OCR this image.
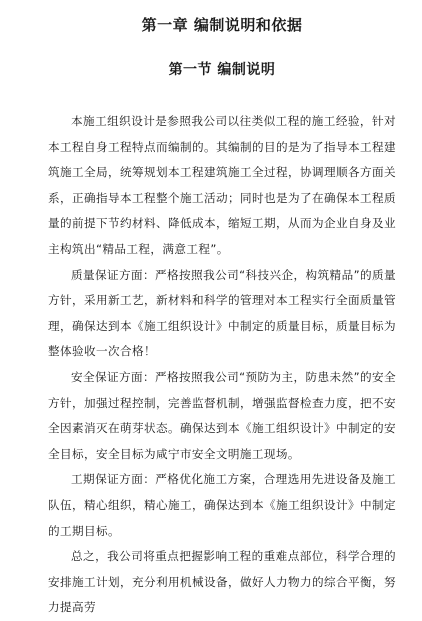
第一章 编制说明和依据
第一节 编制说明

本施工组织设计是参照我公司以往类似工程的施工经验，针对本工程自身工程特点而编制的。其编制的目的是为了指导本工程建筑施工全局，统筹规划本工程建筑施工全过程，协调理顺各方面关系，正确指导本工程整个施工活动；同时也是为了在确保本工程质量的前提下节约材料、降低成本，缩短工期，从而为企业自身及业主构筑出“精品工程，满意工程”。

质量保证方面：严格按照我公司“科技兴企，构筑精品”的质量方针，采用新工艺，新材料和科学的管理对本工程实行全面质量管理，确保达到本《施工组织设计》中制定的质量目标，质量目标为整体验收一次合格！

安全保证方面：严格按照我公司“预防为主，防患未然”的安全方针，加强过程控制，完善监督机制，增强监督检查力度，把不安全因素消灭在萌芽状态。确保达到本《施工组织设计》中制定的安全目标，安全目标为咸宁市安全文明施工现场。

工期保证方面：严格优化施工方案，合理选用先进设备及施工队伍，精心组织，精心施工，确保达到本《施工组织设计》中制定的工期目标。

总之，我公司将重点把握影响工程的重难点部位，科学合理的安排施工计划，充分利用机械设备，做好人力物力的综合平衡，努力提高劳
